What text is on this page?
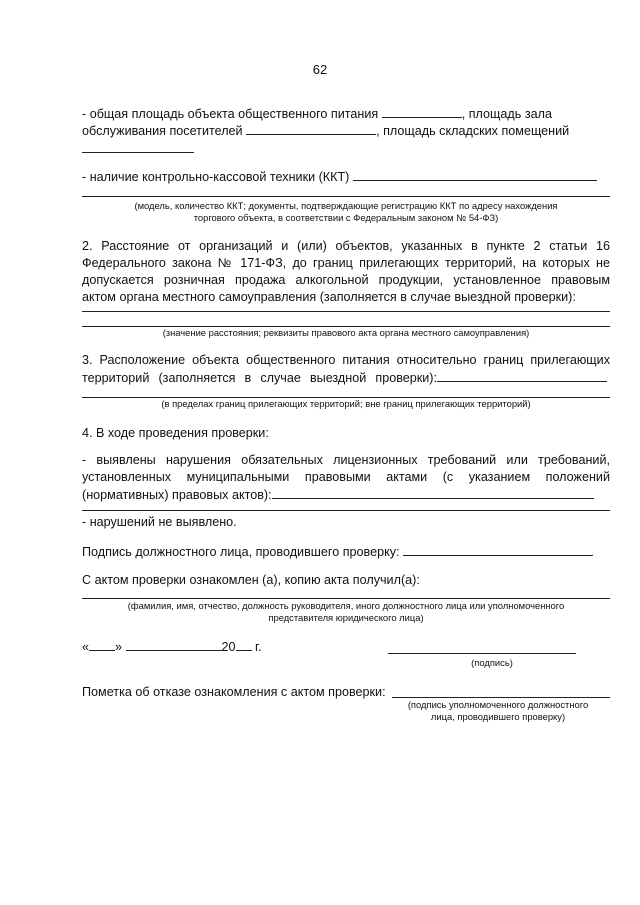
62
- общая площадь объекта общественного питания	, площадь зала
обслуживания посетителей	, площадь складских помещений
- наличие контрольно-кассовой техники (ККТ)
(модель, количество ККТ; документы, подтверждающие регистрацию ККТ по адресу нахождения
торгового объекта, в соответствии с Федеральным законом № 54-ФЗ)
2. Расстояние от организаций и (или) объектов, указанных в пункте 2 статьи 16
Федерального закона № 171-ФЗ, до границ прилегающих территорий, на которых не
допускается розничная продажа алкогольной продукции, установленное правовым
актом органа местного самоуправления (заполняется в случае выездной проверки):
(значение расстояния; реквизиты правового акта органа местного самоуправления)
3. Расположение объекта общественного питания относительно границ прилегающих
территорий (заполняется в случае выездной проверки):
(в пределах границ прилегающих территорий; вне границ прилегающих территорий)
4. В ходе проведения проверки:
- выявлены нарушения обязательных лицензионных требований или требований,
установленных муниципальными правовыми актами (с указанием положений
(нормативных) правовых актов):
- нарушений не выявлено.
Подпись должностного лица, проводившего проверку:
С актом проверки ознакомлен (а), копию акта получил(а):
(фамилия, имя, отчество, должность руководителя, иного должностного лица или уполномоченного
представителя юридического лица)
« »	20 г.
(подпись)
Пометка об отказе ознакомления с актом проверки:
(подпись уполномоченного должностного
лица, проводившего проверку)
